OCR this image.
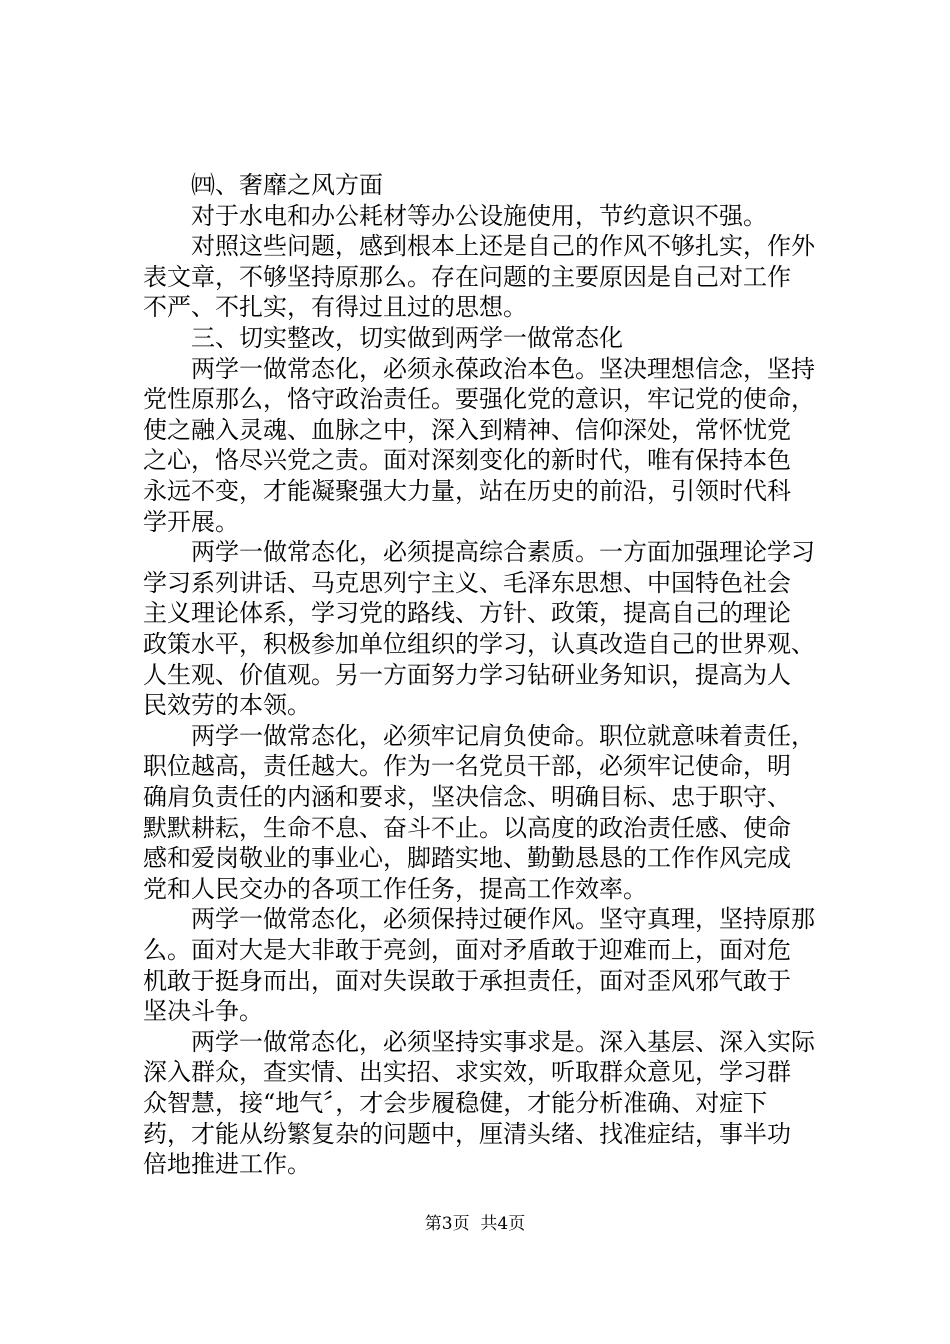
　　㈣、奢靡之风方面
　　对于水电和办公耗材等办公设施使用，节约意识不强。
　　对照这些问题，感到根本上还是自己的作风不够扎实，作外
表文章，不够坚持原那么。存在问题的主要原因是自己对工作
不严、不扎实，有得过且过的思想。
　　三、切实整改，切实做到两学一做常态化
　　两学一做常态化，必须永葆政治本色。坚决理想信念，坚持
党性原那么，恪守政治责任。要强化党的意识，牢记党的使命，
使之融入灵魂、血脉之中，深入到精神、信仰深处，常怀忧党
之心，恪尽兴党之责。面对深刻变化的新时代，唯有保持本色
永远不变，才能凝聚强大力量，站在历史的前沿，引领时代科
学开展。
　　两学一做常态化，必须提高综合素质。一方面加强理论学习
学习系列讲话、马克思列宁主义、毛泽东思想、中国特色社会
主义理论体系，学习党的路线、方针、政策，提高自己的理论
政策水平，积极参加单位组织的学习，认真改造自己的世界观、
人生观、价值观。另一方面努力学习钻研业务知识，提高为人
民效劳的本领。
　　两学一做常态化，必须牢记肩负使命。职位就意味着责任，
职位越高，责任越大。作为一名党员干部，必须牢记使命，明
确肩负责任的内涵和要求，坚决信念、明确目标、忠于职守、
默默耕耘，生命不息、奋斗不止。以高度的政治责任感、使命
感和爱岗敬业的事业心，脚踏实地、勤勤恳恳的工作作风完成
党和人民交办的各项工作任务，提高工作效率。
　　两学一做常态化，必须保持过硬作风。坚守真理，坚持原那
么。面对大是大非敢于亮剑，面对矛盾敢于迎难而上，面对危
机敢于挺身而出，面对失误敢于承担责任，面对歪风邪气敢于
坚决斗争。
　　两学一做常态化，必须坚持实事求是。深入基层、深入实际
深入群众，查实情、出实招、求实效，听取群众意见，学习群
众智慧，接“地气〞，才会步履稳健，才能分析准确、对症下
药，才能从纷繁复杂的问题中，厘清头绪、找准症结，事半功
倍地推进工作。
第3页  共4页
